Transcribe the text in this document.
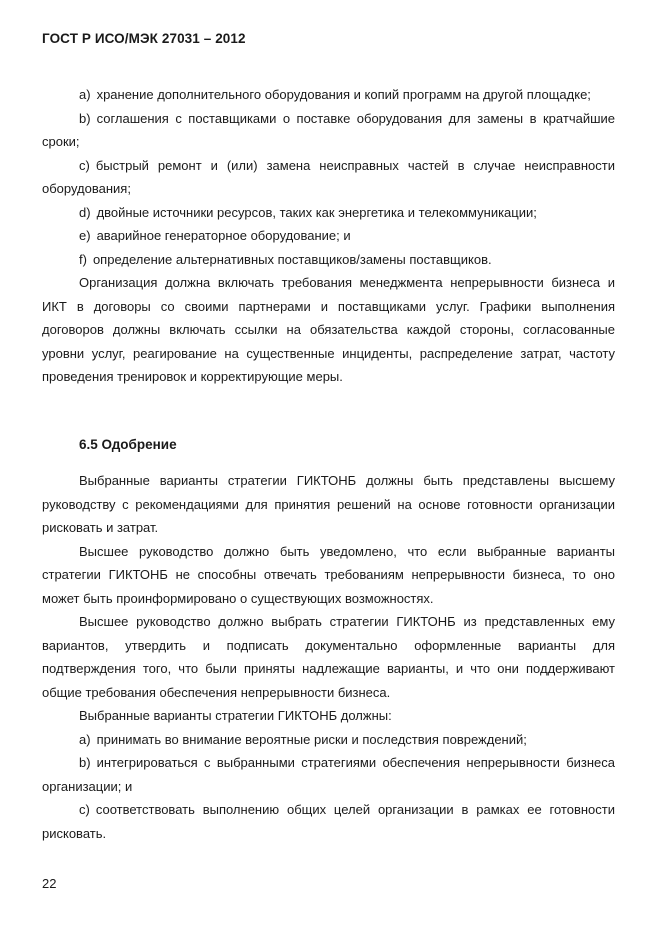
ГОСТ Р ИСО/МЭК 27031 – 2012

a) хранение дополнительного оборудования и копий программ на другой площадке;

b) соглашения с поставщиками о поставке оборудования для замены в кратчайшие сроки;

c) быстрый ремонт и (или) замена неисправных частей в случае неисправности оборудования;

d) двойные источники ресурсов, таких как энергетика и телекоммуникации;

e) аварийное генераторное оборудование; и

f) определение альтернативных поставщиков/замены поставщиков.

Организация должна включать требования менеджмента непрерывности бизнеса и ИКТ в договоры со своими партнерами и поставщиками услуг. Графики выполнения договоров должны включать ссылки на обязательства каждой стороны, согласованные уровни услуг, реагирование на существенные инциденты, распределение затрат, частоту проведения тренировок и корректирующие меры.

6.5 Одобрение

Выбранные варианты стратегии ГИКТОНБ должны быть представлены высшему руководству с рекомендациями для принятия решений на основе готовности организации рисковать и затрат.

Высшее руководство должно быть уведомлено, что если выбранные варианты стратегии ГИКТОНБ не способны отвечать требованиям непрерывности бизнеса, то оно может быть проинформировано о существующих возможностях.

Высшее руководство должно выбрать стратегии ГИКТОНБ из представленных ему вариантов, утвердить и подписать документально оформленные варианты для подтверждения того, что были приняты надлежащие варианты, и что они поддерживают общие требования обеспечения непрерывности бизнеса.

Выбранные варианты стратегии ГИКТОНБ должны:

a) принимать во внимание вероятные риски и последствия повреждений;

b) интегрироваться с выбранными стратегиями обеспечения непрерывности бизнеса организации; и

c) соответствовать выполнению общих целей организации в рамках ее готовности рисковать.

22
